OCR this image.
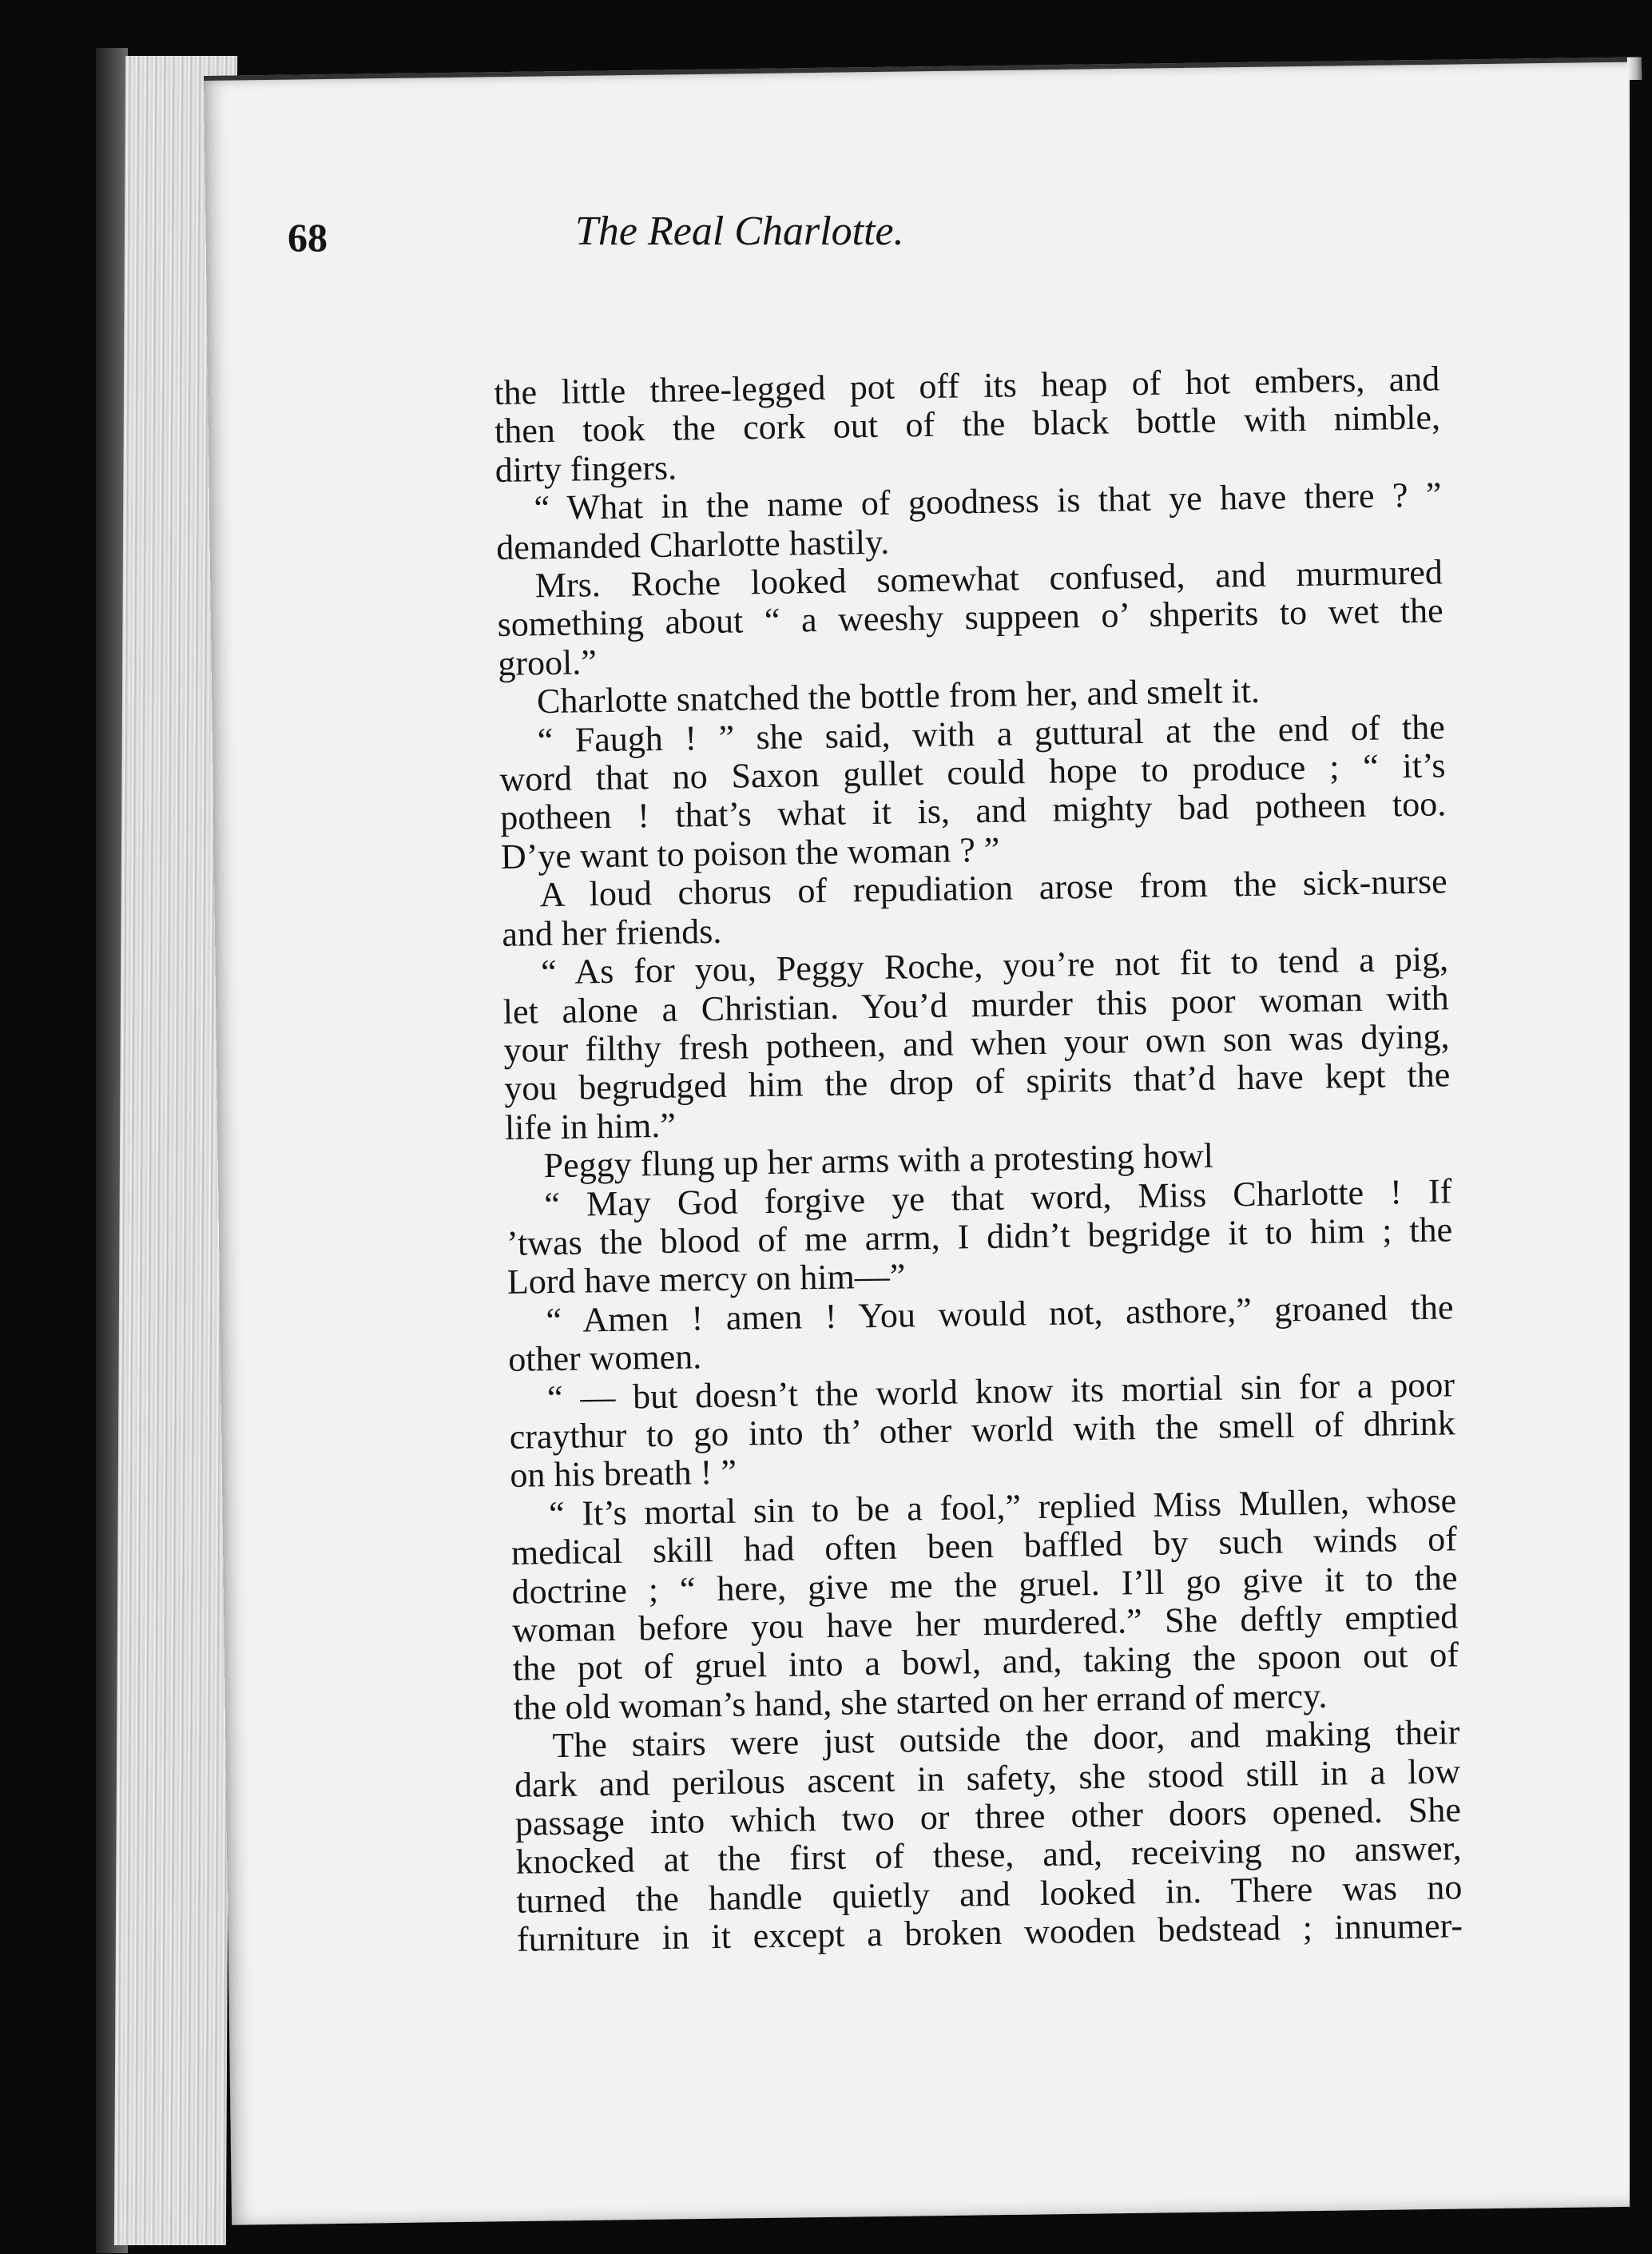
68	The Real Charlotte.
the little three-legged pot off its heap of hot embers, and
then took the cork out of the black bottle with nimble,
dirty fingers.
“ What in the name of goodness is that ye have there ? ”
demanded Charlotte hastily.
Mrs. Roche looked somewhat confused, and murmured
something about “ a weeshy suppeen o’ shperits to wet the
grool.”
Charlotte snatched the bottle from her, and smelt it.
“ Faugh ! ” she said, with a guttural at the end of the
word that no Saxon gullet could hope to produce ; “ it’s
potheen ! that’s what it is, and mighty bad potheen too.
D’ye want to poison the woman ? ”
A loud chorus of repudiation arose from the sick-nurse
and her friends.
“ As for you, Peggy Roche, you’re not fit to tend a pig,
let alone a Christian. You’d murder this poor woman with
your filthy fresh potheen, and when your own son was dying,
you begrudged him the drop of spirits that’d have kept the
life in him.”
Peggy flung up her arms with a protesting howl
“ May God forgive ye that word, Miss Charlotte ! If
’twas the blood of me arrm, I didn’t begridge it to him ; the
Lord have mercy on him—”
“ Amen ! amen ! You would not, asthore,” groaned the
other women.
“ — but doesn’t the world know its mortial sin for a poor
craythur to go into th’ other world with the smell of dhrink
on his breath ! ”
“ It’s mortal sin to be a fool,” replied Miss Mullen, whose
medical skill had often been baffled by such winds of
doctrine ; “ here, give me the gruel. I’ll go give it to the
woman before you have her murdered.” She deftly emptied
the pot of gruel into a bowl, and, taking the spoon out of
the old woman’s hand, she started on her errand of mercy.
The stairs were just outside the door, and making their
dark and perilous ascent in safety, she stood still in a low
passage into which two or three other doors opened. She
knocked at the first of these, and, receiving no answer,
turned the handle quietly and looked in. There was no
furniture in it except a broken wooden bedstead ; innumer-
